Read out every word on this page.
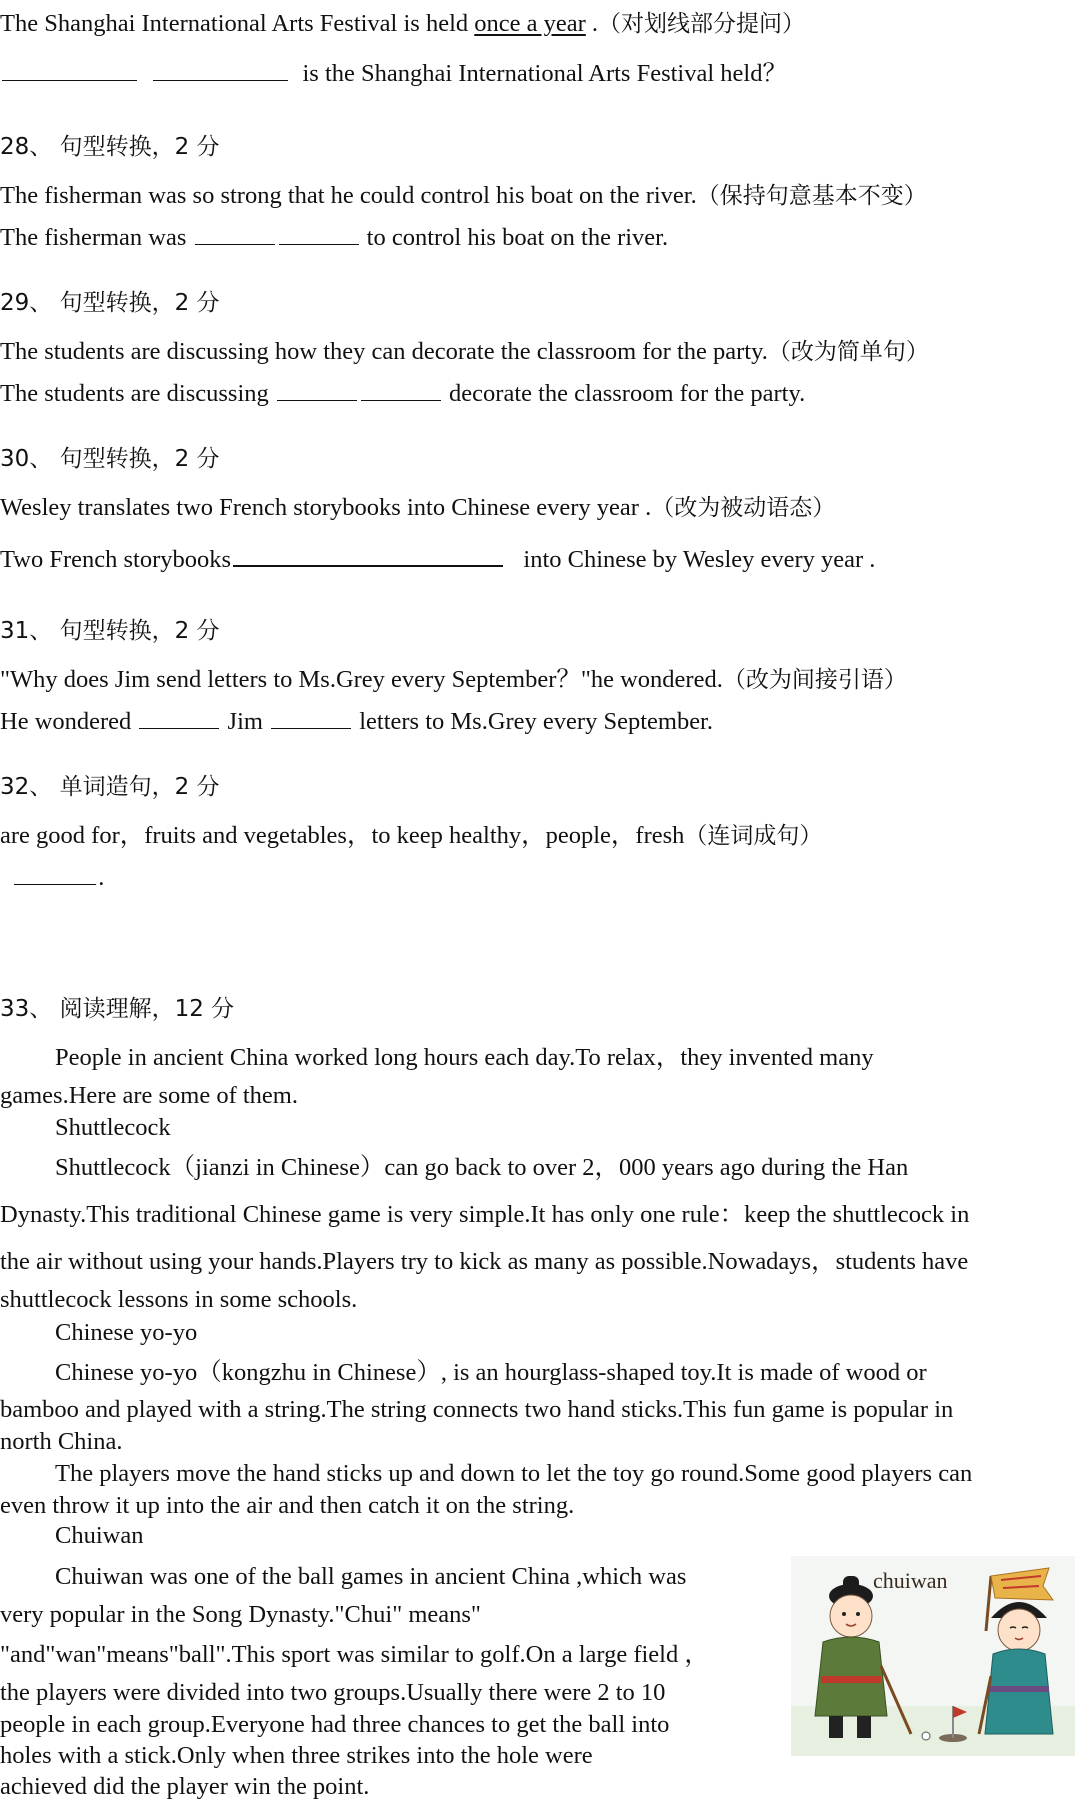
The Shanghai International Arts Festival is held once a year .（对划线部分提问）
is the Shanghai International Arts Festival held？
28、 句型转换，2 分
The fisherman was so strong that he could control his boat on the river.（保持句意基本不变）
The fisherman was	to control his boat on the river.
29、 句型转换，2 分
The students are discussing how they can decorate the classroom for the party.（改为简单句）
The students are discussing	decorate the classroom for the party.
30、 句型转换，2 分
Wesley translates two French storybooks into Chinese every year .（改为被动语态）
Two French storybooks	into Chinese by Wesley every year .
31、 句型转换，2 分
"Why does Jim send letters to Ms.Grey every September？"he wondered.（改为间接引语）
He wondered	Jim	letters to Ms.Grey every September.
32、 单词造句，2 分
are good for，fruits and vegetables，to keep healthy，people，fresh（连词成句）
.
33、 阅读理解，12 分
People in ancient China worked long hours each day.To relax，they invented many
games.Here are some of them.
Shuttlecock
Shuttlecock（jianzi in Chinese）can go back to over 2，000 years ago during the Han
Dynasty.This traditional Chinese game is very simple.It has only one rule：keep the shuttlecock in
the air without using your hands.Players try to kick as many as possible.Nowadays，students have
shuttlecock lessons in some schools.
Chinese yo-yo
Chinese yo-yo（kongzhu in Chinese）, is an hourglass-shaped toy.It is made of wood or
bamboo and played with a string.The string connects two hand sticks.This fun game is popular in
north China.
The players move the hand sticks up and down to let the toy go round.Some good players can
even throw it up into the air and then catch it on the string.
Chuiwan
Chuiwan was one of the ball games in ancient China ,which was
very popular in the Song Dynasty."Chui" means"
"and"wan"means"ball".This sport was similar to golf.On a large field ，
the players were divided into two groups.Usually there were 2 to 10
people in each group.Everyone had three chances to get the ball into
holes with a stick.Only when three strikes into the hole were
achieved did the player win the point.
chuiwan
